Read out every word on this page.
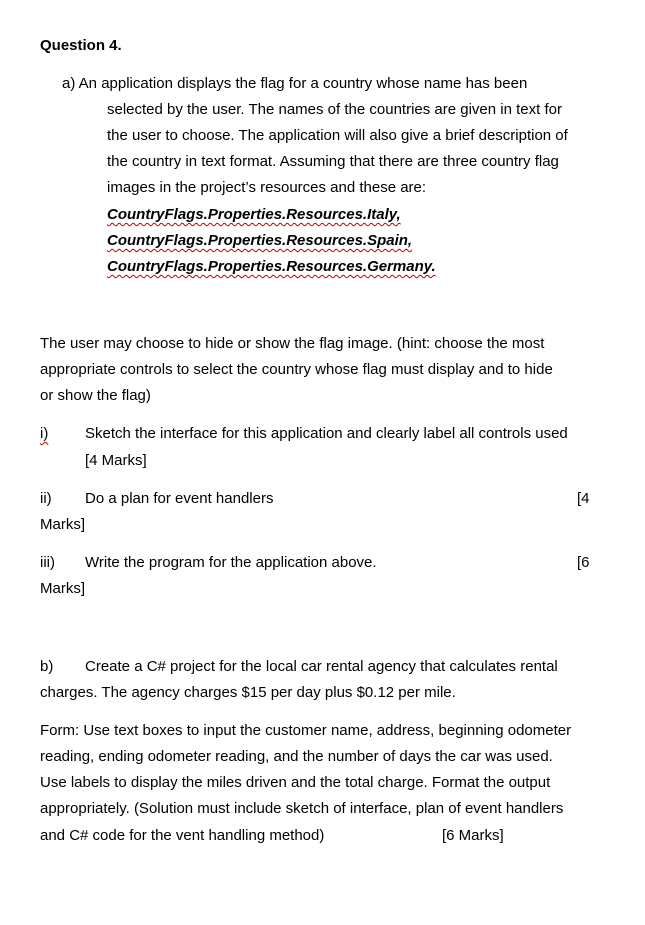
Question 4.
a) An application displays the flag for a country whose name has been
selected by the user. The names of the countries are given in text for
the user to choose. The application will also give a brief description of
the country in text format. Assuming that there are three country flag
images in the project’s resources and these are:
CountryFlags.Properties.Resources.Italy,
CountryFlags.Properties.Resources.Spain,
CountryFlags.Properties.Resources.Germany.
The user may choose to hide or show the flag image. (hint: choose the most
appropriate controls to select the country whose flag must display and to hide
or show the flag)
i) Sketch the interface for this application and clearly label all controls used
[4 Marks]
ii) Do a plan for event handlers	[4
Marks]
iii) Write the program for the application above.	[6
Marks]
b) Create a C# project for the local car rental agency that calculates rental
charges. The agency charges $15 per day plus $0.12 per mile.
Form: Use text boxes to input the customer name, address, beginning odometer
reading, ending odometer reading, and the number of days the car was used.
Use labels to display the miles driven and the total charge. Format the output
appropriately. (Solution must include sketch of interface, plan of event handlers
and C# code for the vent handling method)	[6 Marks]
